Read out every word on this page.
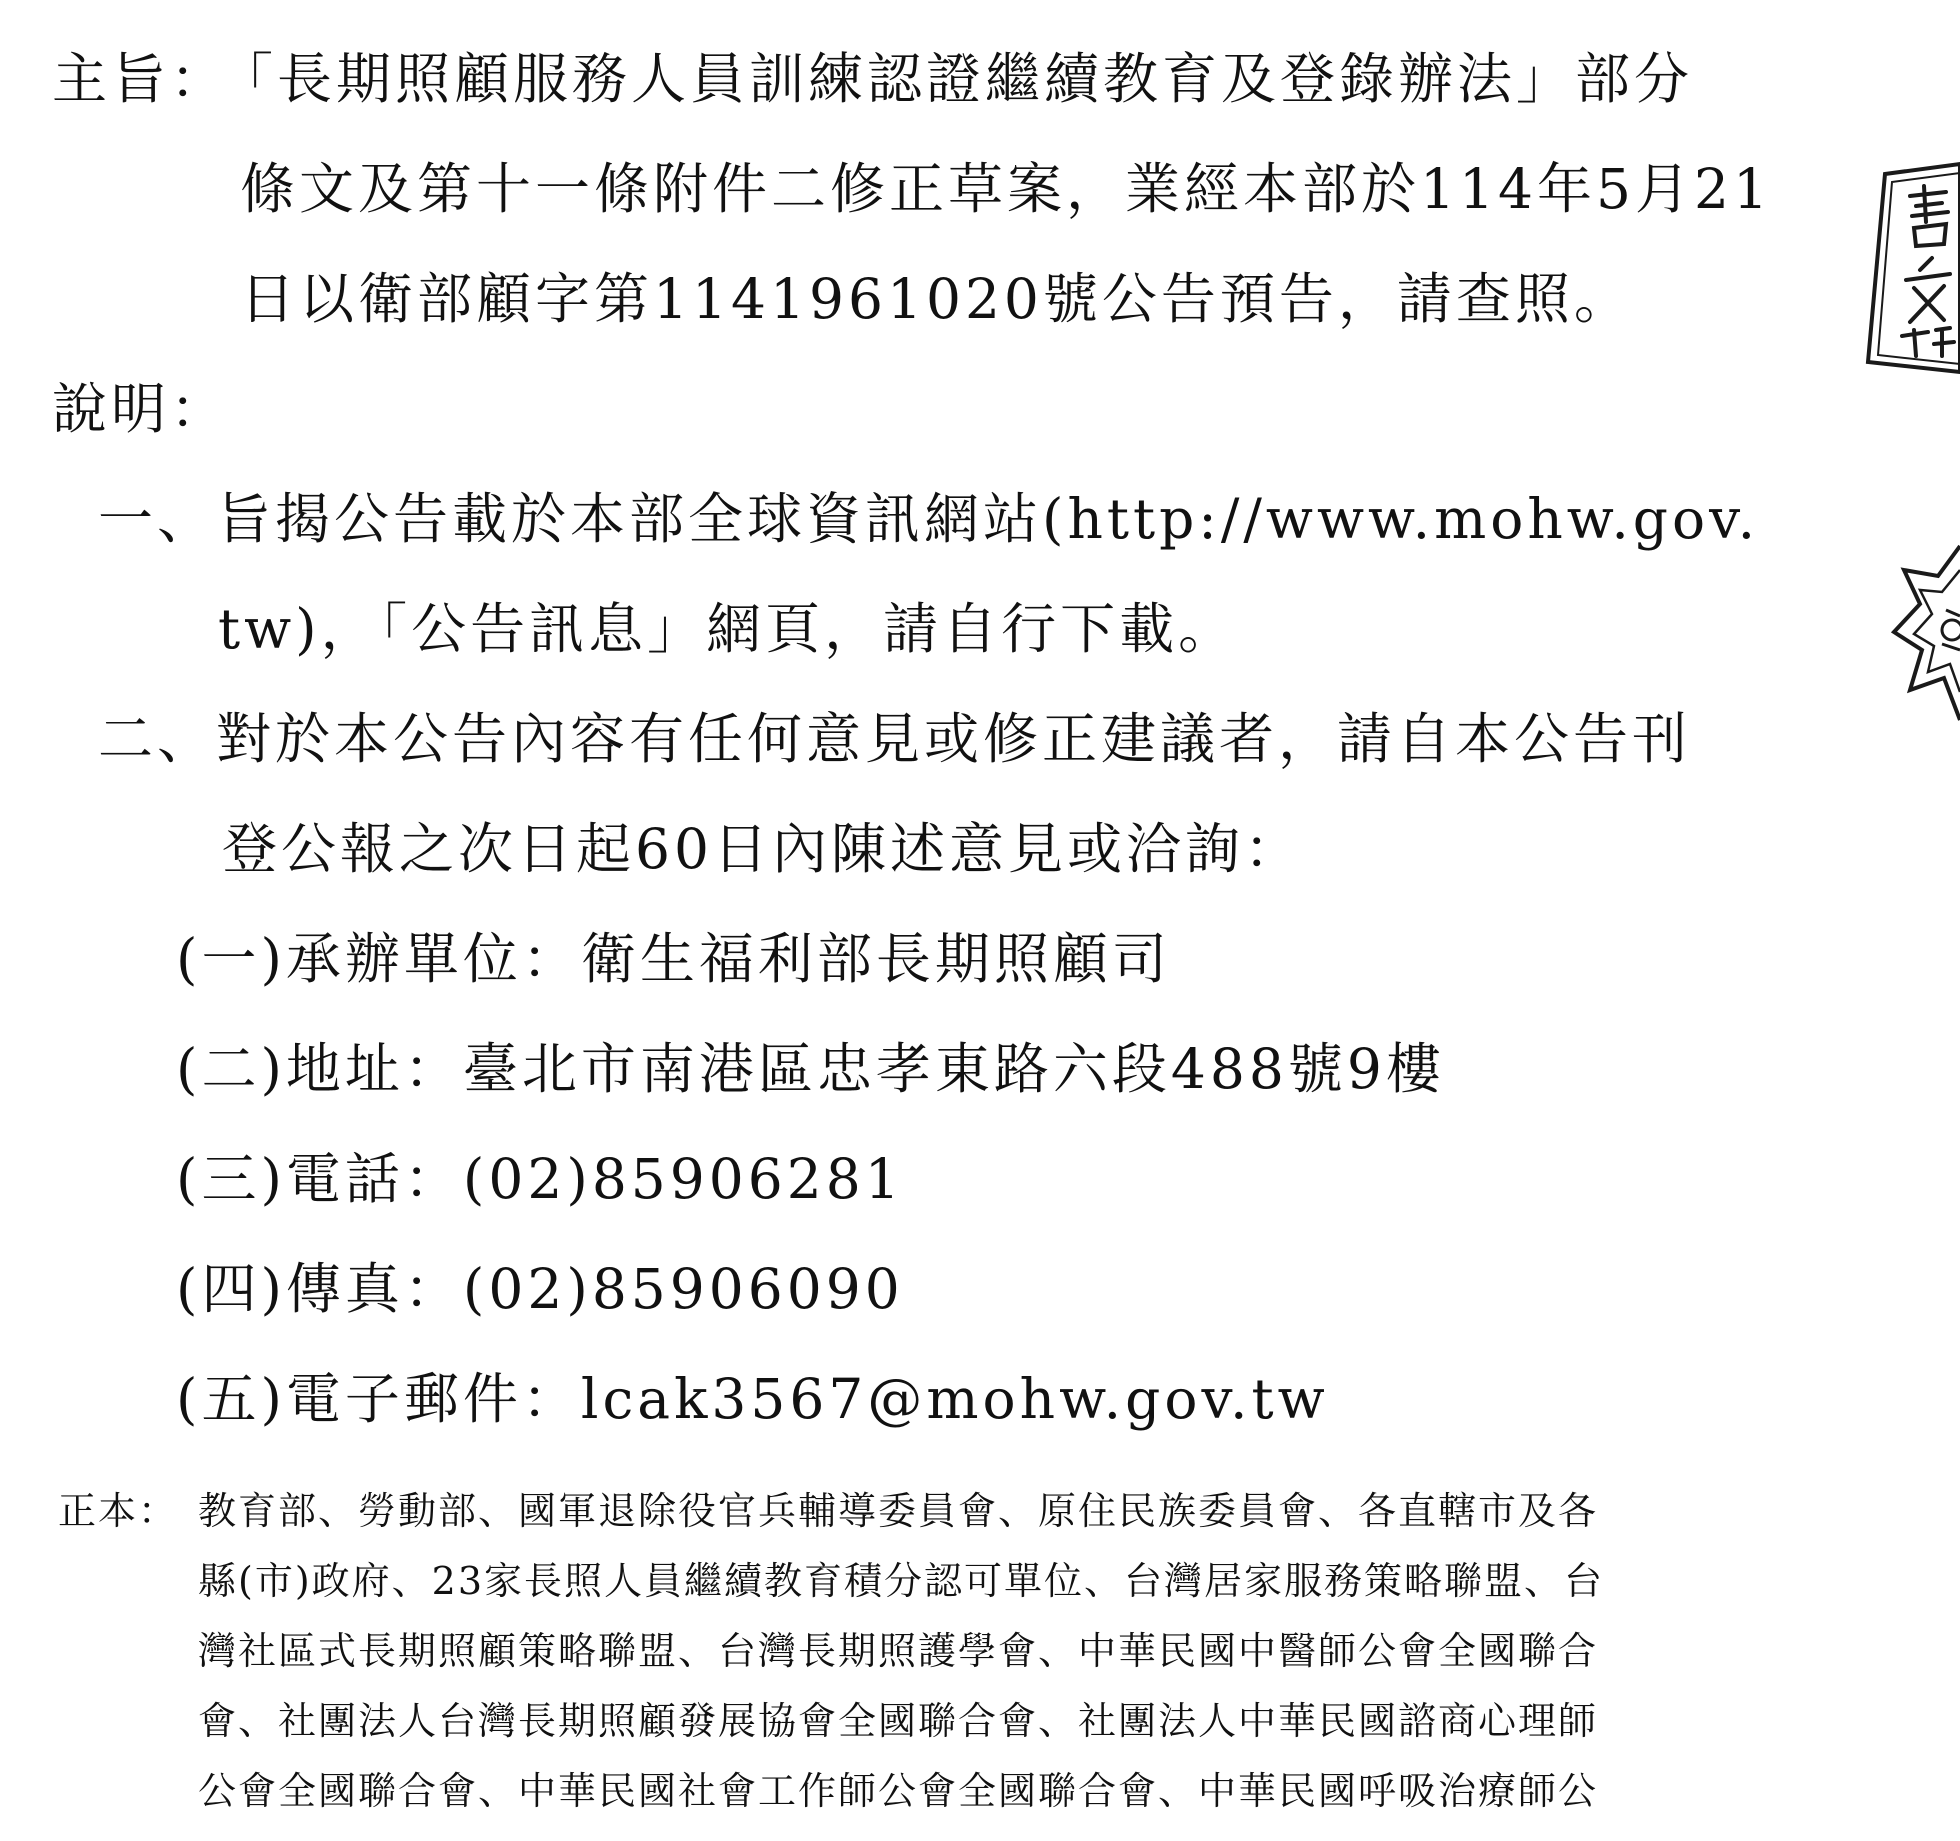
主旨：
「長期照顧服務人員訓練認證繼續教育及登錄辦法」部分
條文及第十一條附件二修正草案，業經本部於114年5月21
日以衛部顧字第1141961020號公告預告，請查照。
說明：
一、旨揭公告載於本部全球資訊網站(http://www.mohw.gov.
tw)，「公告訊息」網頁，請自行下載。
二、對於本公告內容有任何意見或修正建議者，請自本公告刊
登公報之次日起60日內陳述意見或洽詢：
(一)承辦單位：衛生福利部長期照顧司
(二)地址：臺北市南港區忠孝東路六段488號9樓
(三)電話：(02)85906281
(四)傳真：(02)85906090
(五)電子郵件：lcak3567@mohw.gov.tw
正本： 教育部、勞動部、國軍退除役官兵輔導委員會、原住民族委員會、各直轄市及各
縣(市)政府、23家長照人員繼續教育積分認可單位、台灣居家服務策略聯盟、台
灣社區式長期照顧策略聯盟、台灣長期照護學會、中華民國中醫師公會全國聯合
會、社團法人台灣長期照顧發展協會全國聯合會、社團法人中華民國諮商心理師
公會全國聯合會、中華民國社會工作師公會全國聯合會、中華民國呼吸治療師公
